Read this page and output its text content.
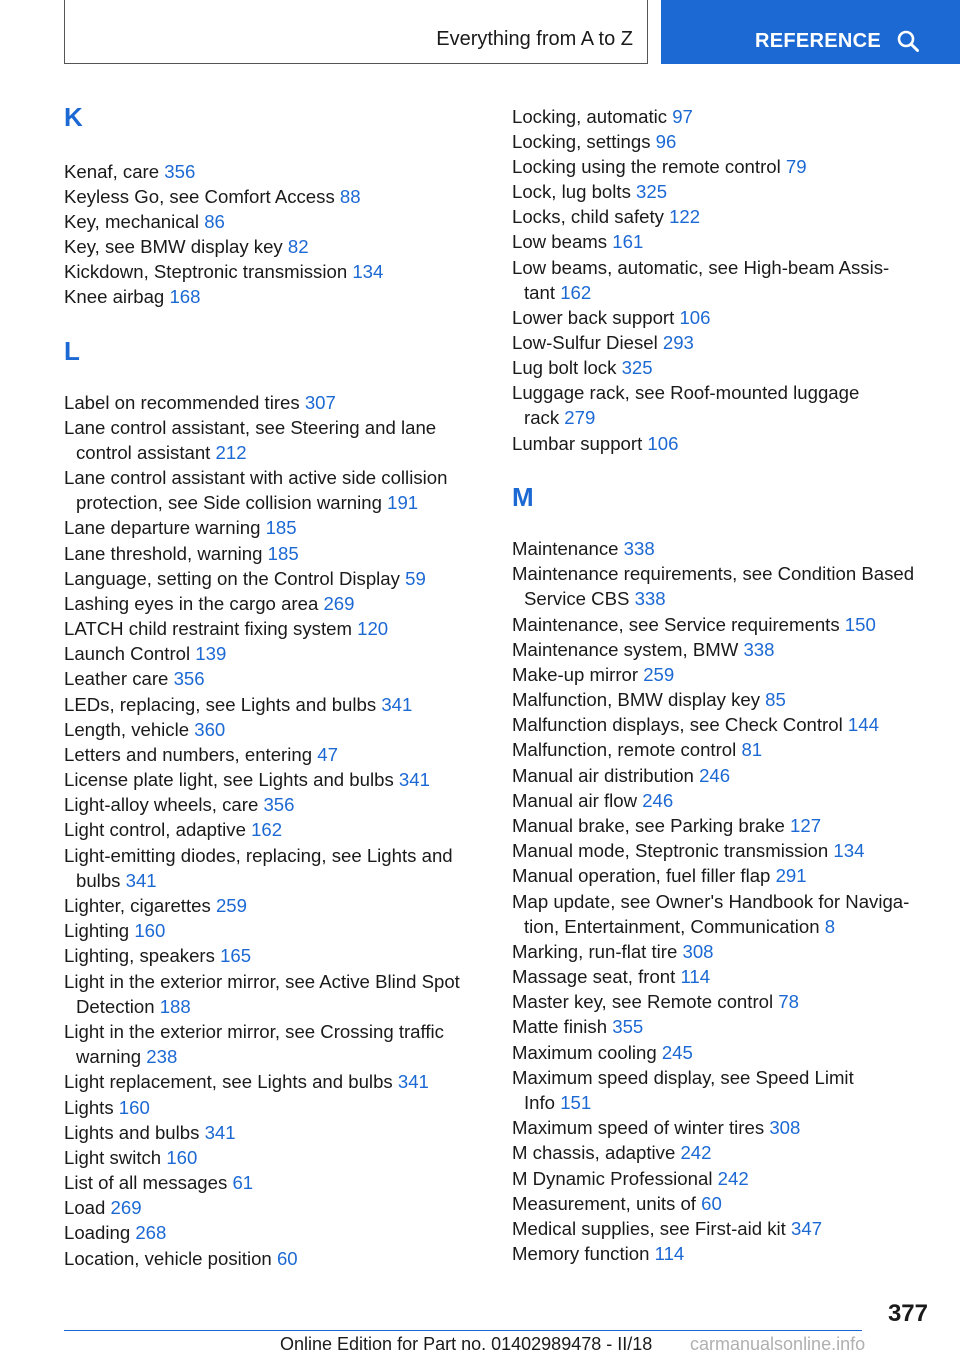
Everything from A to Z	REFERENCE
K
Kenaf, care 356
Keyless Go, see Comfort Access 88
Key, mechanical 86
Key, see BMW display key 82
Kickdown, Steptronic transmission 134
Knee airbag 168
L
Label on recommended tires 307
Lane control assistant, see Steering and lane
control assistant 212
Lane control assistant with active side collision
protection, see Side collision warning 191
Lane departure warning 185
Lane threshold, warning 185
Language, setting on the Control Display 59
Lashing eyes in the cargo area 269
LATCH child restraint fixing system 120
Launch Control 139
Leather care 356
LEDs, replacing, see Lights and bulbs 341
Length, vehicle 360
Letters and numbers, entering 47
License plate light, see Lights and bulbs 341
Light-alloy wheels, care 356
Light control, adaptive 162
Light-emitting diodes, replacing, see Lights and
bulbs 341
Lighter, cigarettes 259
Lighting 160
Lighting, speakers 165
Light in the exterior mirror, see Active Blind Spot
Detection 188
Light in the exterior mirror, see Crossing traffic
warning 238
Light replacement, see Lights and bulbs 341
Lights 160
Lights and bulbs 341
Light switch 160
List of all messages 61
Load 269
Loading 268
Location, vehicle position 60
Locking, automatic 97
Locking, settings 96
Locking using the remote control 79
Lock, lug bolts 325
Locks, child safety 122
Low beams 161
Low beams, automatic, see High-beam Assis-
tant 162
Lower back support 106
Low-Sulfur Diesel 293
Lug bolt lock 325
Luggage rack, see Roof-mounted luggage
rack 279
Lumbar support 106
M
Maintenance 338
Maintenance requirements, see Condition Based
Service CBS 338
Maintenance, see Service requirements 150
Maintenance system, BMW 338
Make-up mirror 259
Malfunction, BMW display key 85
Malfunction displays, see Check Control 144
Malfunction, remote control 81
Manual air distribution 246
Manual air flow 246
Manual brake, see Parking brake 127
Manual mode, Steptronic transmission 134
Manual operation, fuel filler flap 291
Map update, see Owner's Handbook for Naviga-
tion, Entertainment, Communication 8
Marking, run-flat tire 308
Massage seat, front 114
Master key, see Remote control 78
Matte finish 355
Maximum cooling 245
Maximum speed display, see Speed Limit
Info 151
Maximum speed of winter tires 308
M chassis, adaptive 242
M Dynamic Professional 242
Measurement, units of 60
Medical supplies, see First-aid kit 347
Memory function 114
377
Online Edition for Part no. 01402989478 - II/18 carmanualsonline.info
